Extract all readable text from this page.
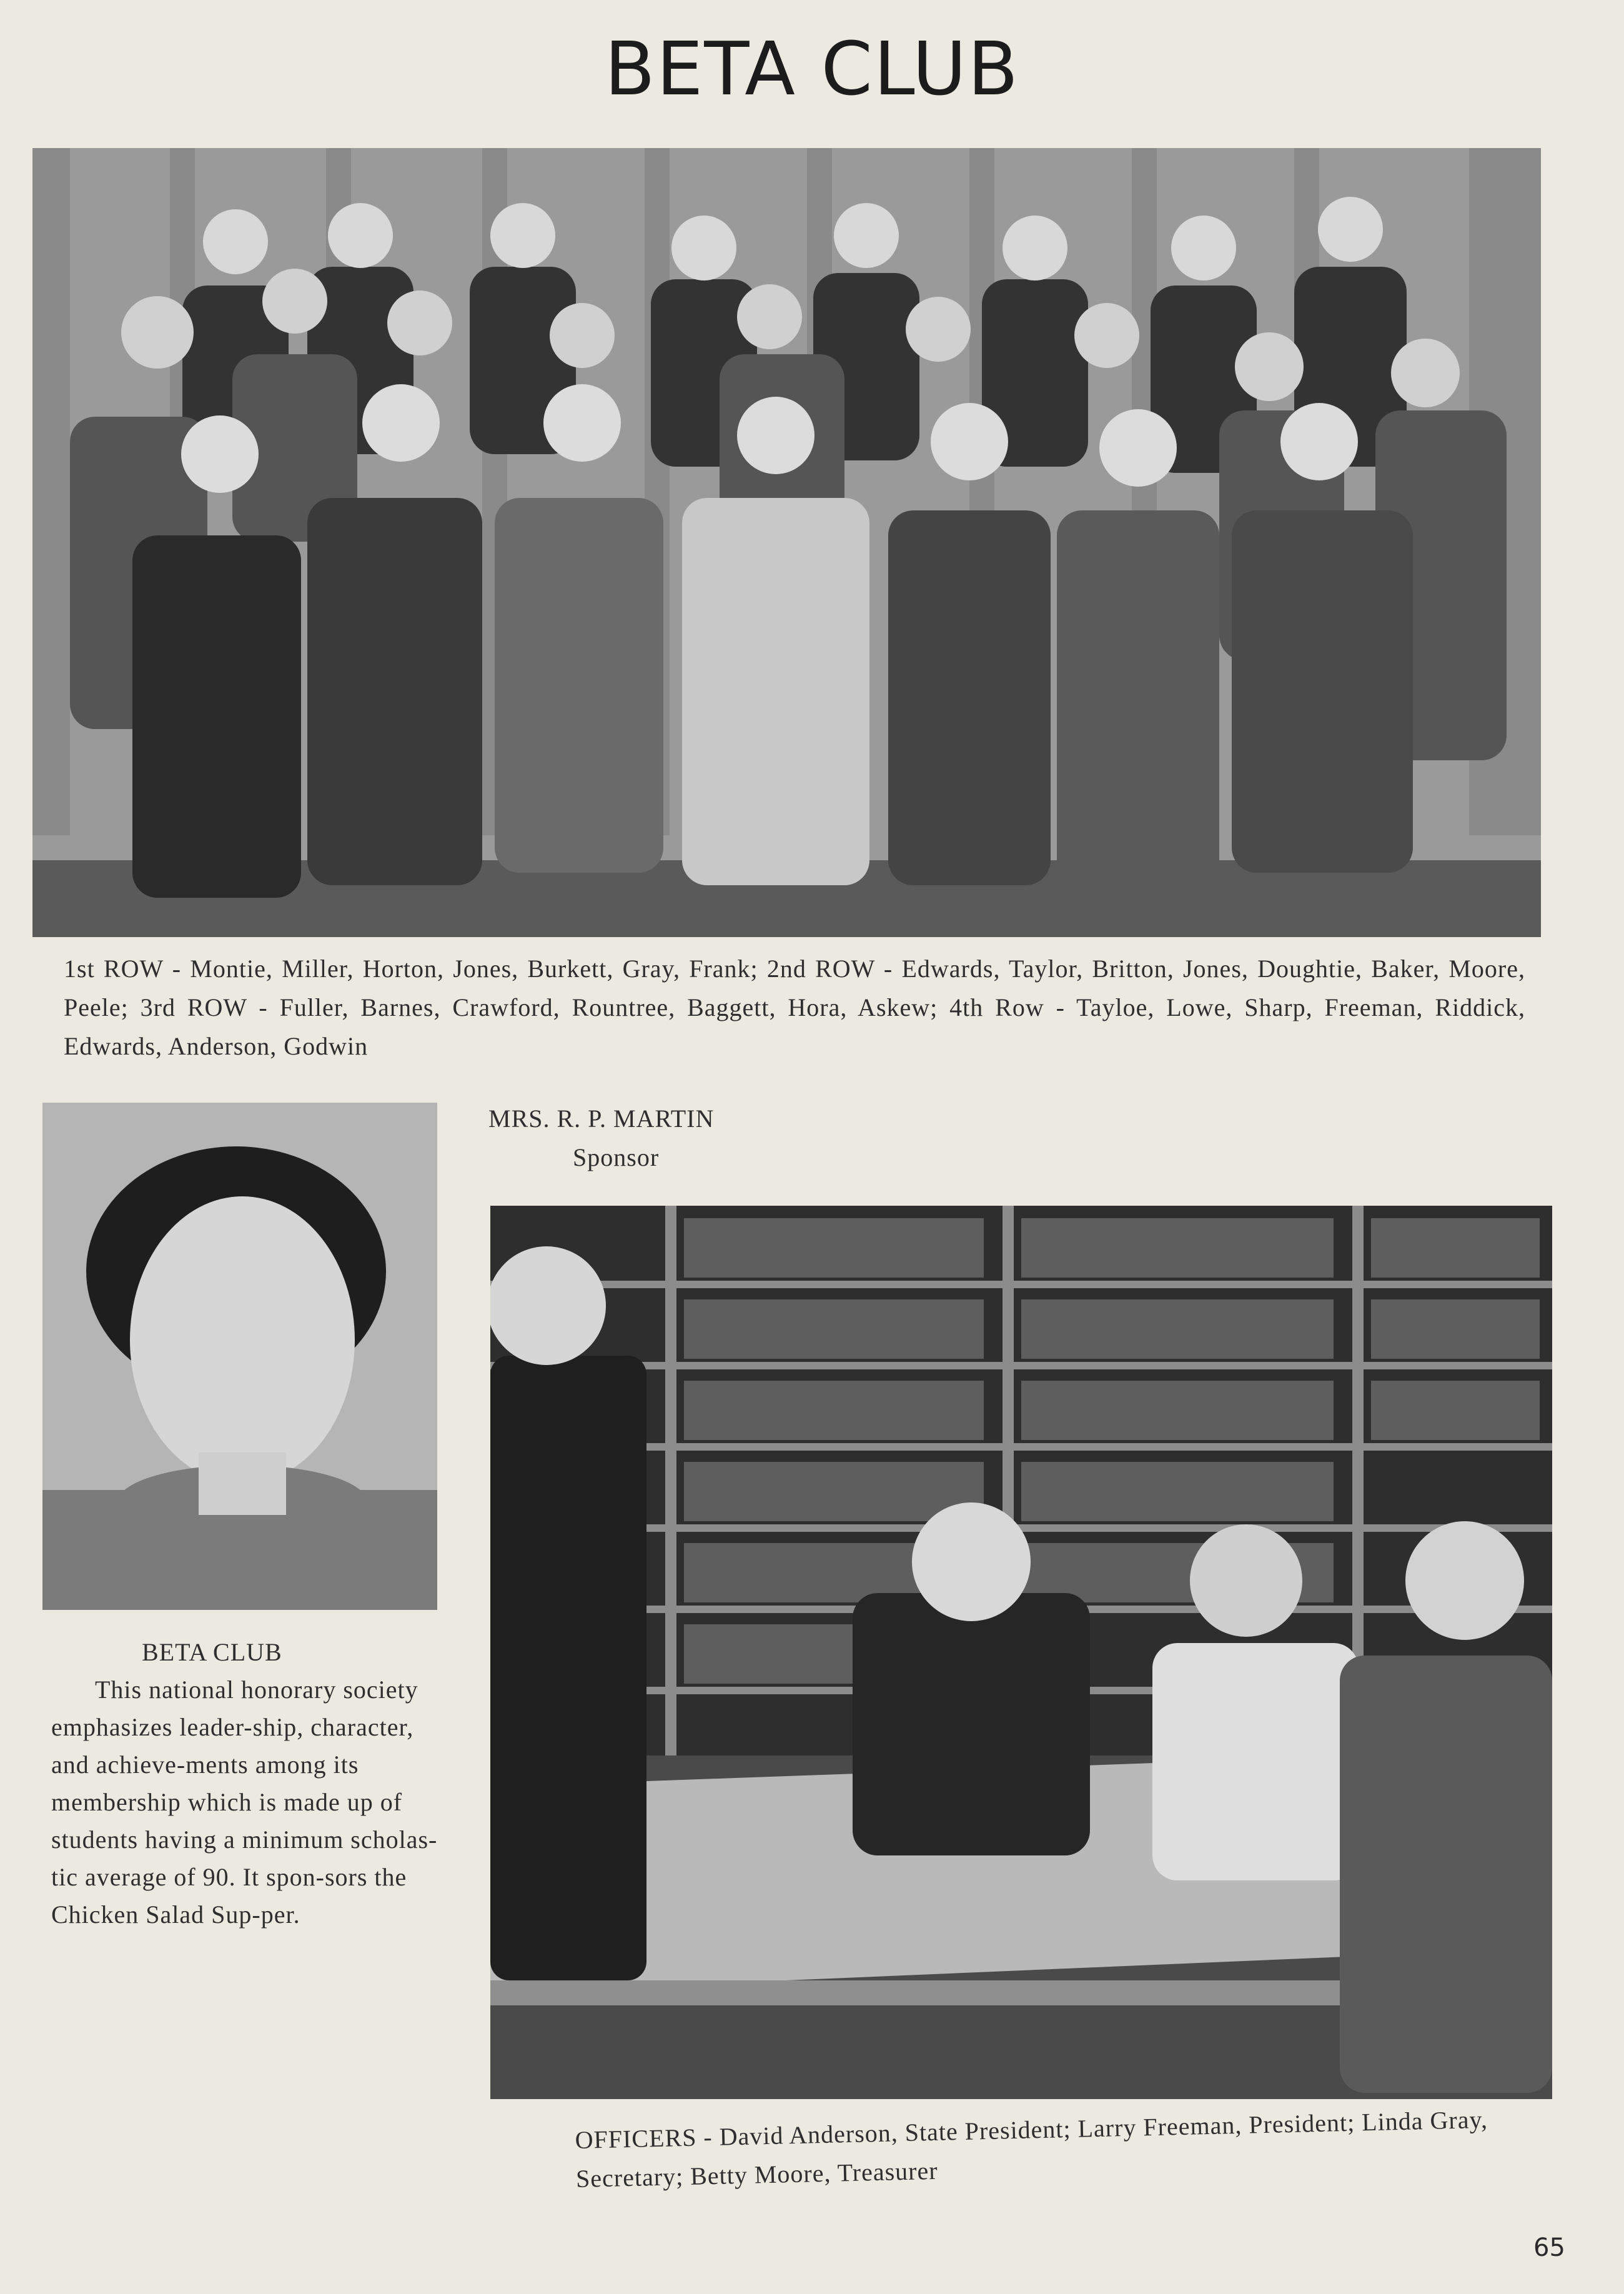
BETA CLUB
1st ROW - Montie, Miller, Horton, Jones, Burkett, Gray, Frank; 2nd ROW - Edwards, Taylor, Britton, Jones, Doughtie, Baker, Moore, Peele; 3rd ROW - Fuller, Barnes, Crawford, Rountree, Baggett, Hora, Askew; 4th Row - Tayloe, Lowe, Sharp, Freeman, Riddick, Edwards, Anderson, Godwin
MRS. R. P. MARTIN
Sponsor
BETA CLUB
This national honorary society emphasizes leader-ship, character, and achieve-ments among its membership which is made up of students having a minimum scholas-tic average of 90. It spon-sors the Chicken Salad Sup-per.
OFFICERS - David Anderson, State President; Larry Freeman, President; Linda Gray, Secretary; Betty Moore, Treasurer
65
